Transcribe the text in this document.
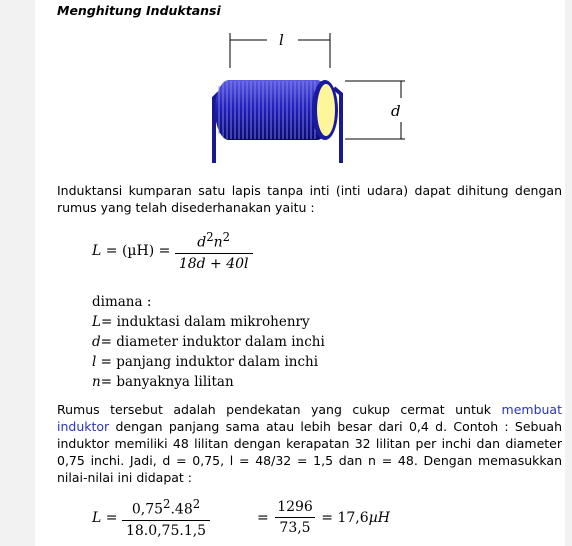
Menghitung Induktansi
l
d
Induktansi kumparan satu lapis tanpa inti (inti udara) dapat dihitung dengan rumus yang telah disederhanakan yaitu :
$L = (\mu H) = \frac{d^2n^2}{18d + 40l}$
dimana :
L= induktasi dalam mikrohenry
d= diameter induktor dalam inchi
l = panjang induktor dalam inchi
n= banyaknya lilitan
Rumus tersebut adalah pendekatan yang cukup cermat untuk membuat induktor dengan panjang sama atau lebih besar dari 0,4 d. Contoh : Sebuah induktor memiliki 48 lilitan dengan kerapatan 32 lilitan per inchi dan diameter 0,75 inchi. Jadi, d = 0,75, l = 48/32 = 1,5 dan n = 48. Dengan memasukkan nilai-nilai ini didapat :
$L = \frac{0,75^2.48^2}{18.0,75.1,5}$	= $\frac{1296}{73,5} = 17,6\mu H$
